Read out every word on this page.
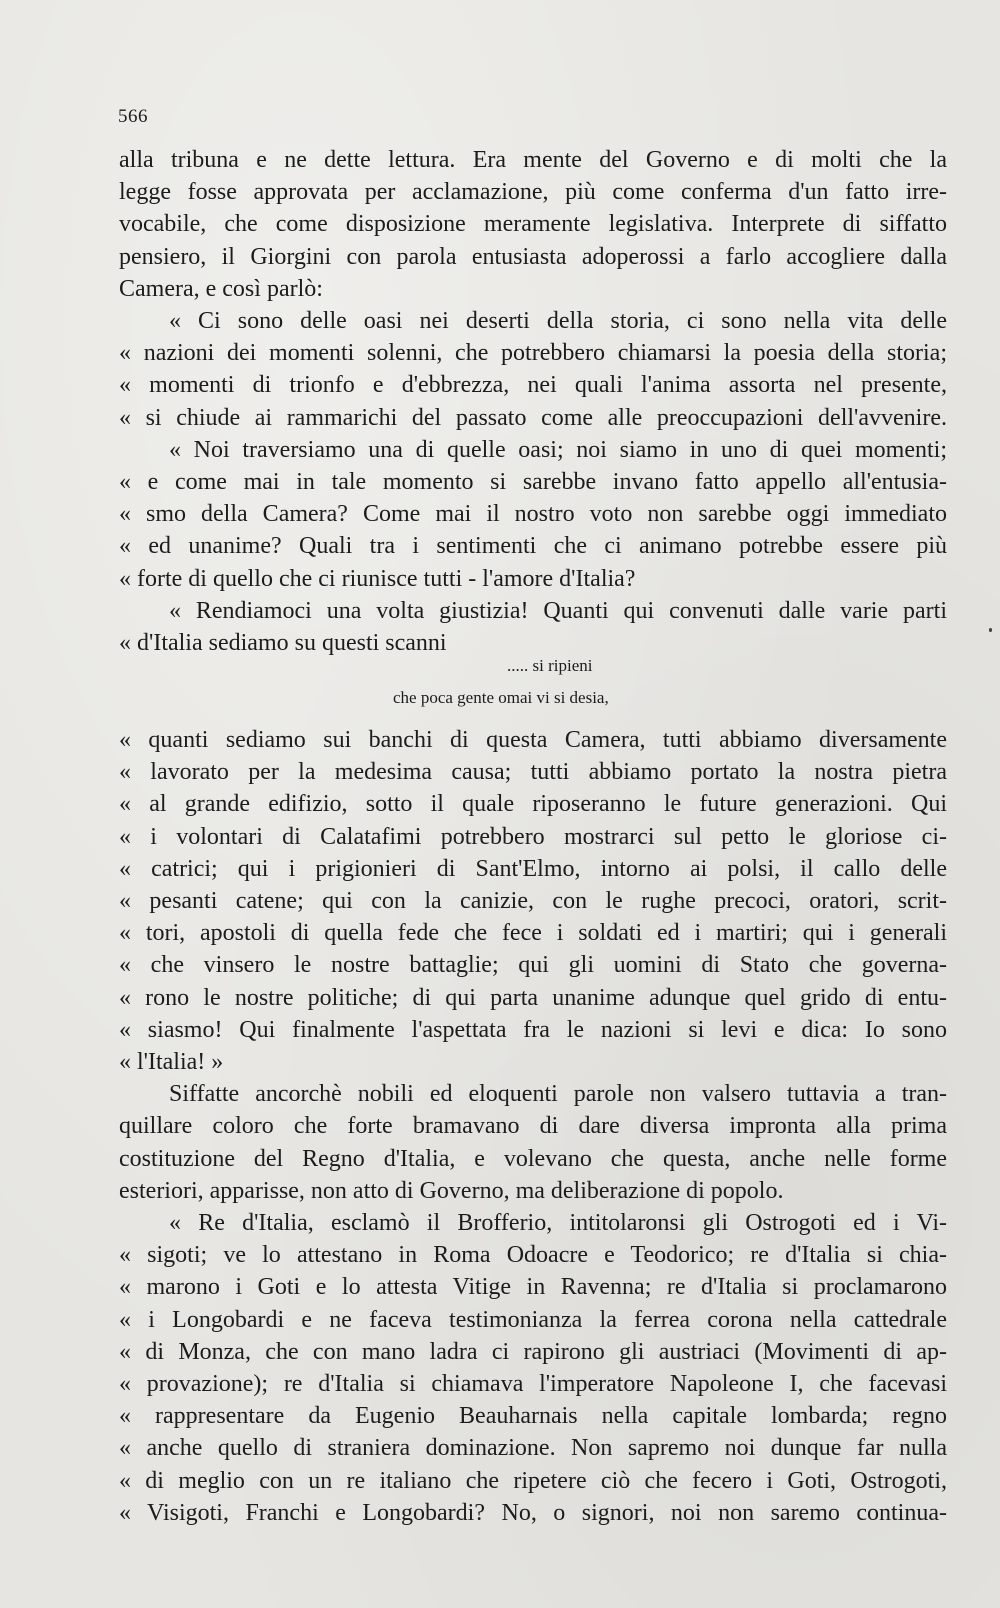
566
alla tribuna e ne dette lettura. Era mente del Governo e di molti che la
legge fosse approvata per acclamazione, più come conferma d'un fatto irre-
vocabile, che come disposizione meramente legislativa. Interprete di siffatto
pensiero, il Giorgini con parola entusiasta adoperossi a farlo accogliere dalla
Camera, e così parlò:
« Ci sono delle oasi nei deserti della storia, ci sono nella vita delle
« nazioni dei momenti solenni, che potrebbero chiamarsi la poesia della storia;
« momenti di trionfo e d'ebbrezza, nei quali l'anima assorta nel presente,
« si chiude ai rammarichi del passato come alle preoccupazioni dell'avvenire.
« Noi traversiamo una di quelle oasi; noi siamo in uno di quei momenti;
« e come mai in tale momento si sarebbe invano fatto appello all'entusia-
« smo della Camera? Come mai il nostro voto non sarebbe oggi immediato
« ed unanime? Quali tra i sentimenti che ci animano potrebbe essere più
« forte di quello che ci riunisce tutti - l'amore d'Italia?
« Rendiamoci una volta giustizia! Quanti qui convenuti dalle varie parti
« d'Italia sediamo su questi scanni
..... si ripieni
che poca gente omai vi si desia,
« quanti sediamo sui banchi di questa Camera, tutti abbiamo diversamente
« lavorato per la medesima causa; tutti abbiamo portato la nostra pietra
« al grande edifizio, sotto il quale riposeranno le future generazioni. Qui
« i volontari di Calatafimi potrebbero mostrarci sul petto le gloriose ci-
« catrici; qui i prigionieri di Sant'Elmo, intorno ai polsi, il callo delle
« pesanti catene; qui con la canizie, con le rughe precoci, oratori, scrit-
« tori, apostoli di quella fede che fece i soldati ed i martiri; qui i generali
« che vinsero le nostre battaglie; qui gli uomini di Stato che governa-
« rono le nostre politiche; di qui parta unanime adunque quel grido di entu-
« siasmo! Qui finalmente l'aspettata fra le nazioni si levi e dica: Io sono
« l'Italia! »
Siffatte ancorchè nobili ed eloquenti parole non valsero tuttavia a tran-
quillare coloro che forte bramavano di dare diversa impronta alla prima
costituzione del Regno d'Italia, e volevano che questa, anche nelle forme
esteriori, apparisse, non atto di Governo, ma deliberazione di popolo.
« Re d'Italia, esclamò il Brofferio, intitolaronsi gli Ostrogoti ed i Vi-
« sigoti; ve lo attestano in Roma Odoacre e Teodorico; re d'Italia si chia-
« marono i Goti e lo attesta Vitige in Ravenna; re d'Italia si proclamarono
« i Longobardi e ne faceva testimonianza la ferrea corona nella cattedrale
« di Monza, che con mano ladra ci rapirono gli austriaci (Movimenti di ap-
« provazione); re d'Italia si chiamava l'imperatore Napoleone I, che facevasi
« rappresentare da Eugenio Beauharnais nella capitale lombarda; regno
« anche quello di straniera dominazione. Non sapremo noi dunque far nulla
« di meglio con un re italiano che ripetere ciò che fecero i Goti, Ostrogoti,
« Visigoti, Franchi e Longobardi? No, o signori, noi non saremo continua-
